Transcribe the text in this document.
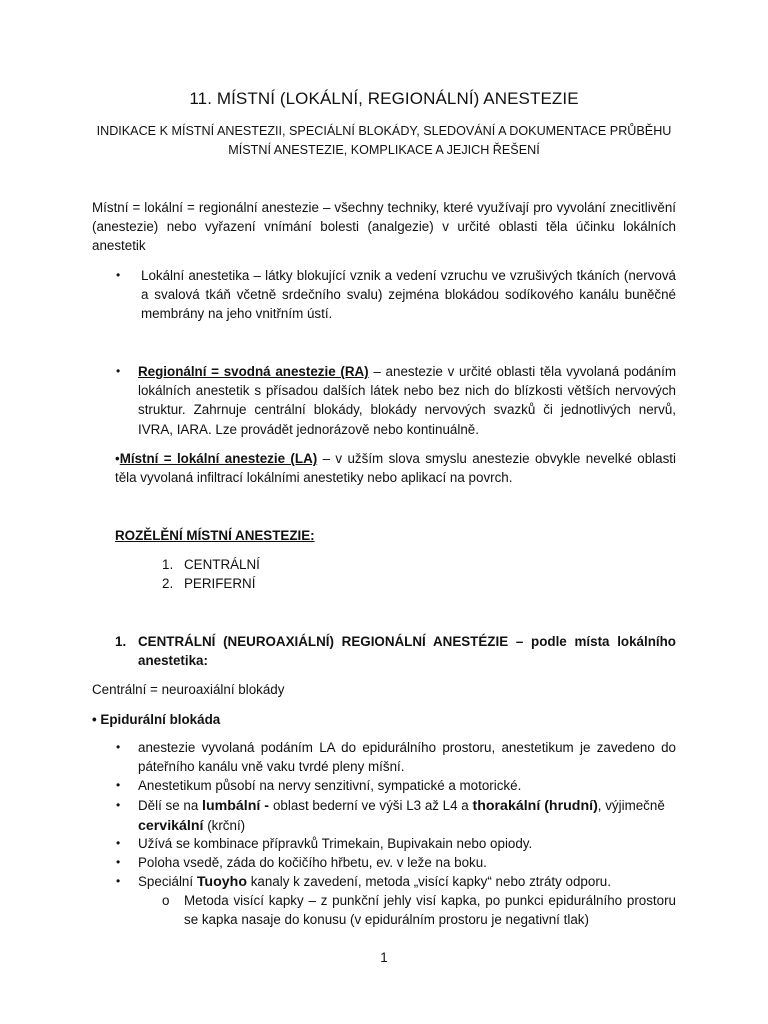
11. MÍSTNÍ (LOKÁLNÍ, REGIONÁLNÍ) ANESTEZIE
INDIKACE K MÍSTNÍ ANESTEZII, SPECIÁLNÍ BLOKÁDY, SLEDOVÁNÍ A DOKUMENTACE PRŮBĚHU MÍSTNÍ ANESTEZIE, KOMPLIKACE A JEJICH ŘEŠENÍ
Místní = lokální = regionální anestezie – všechny techniky, které využívají pro vyvolání znecitlivění (anestezie) nebo vyřazení vnímání bolesti (analgezie) v určité oblasti těla účinku lokálních anestetik
• Lokální anestetika – látky blokující vznik a vedení vzruchu ve vzrušivých tkáních (nervová a svalová tkáň včetně srdečního svalu) zejména blokádou sodíkového kanálu buněčné membrány na jeho vnitřním ústí.
• Regionální = svodná anestezie (RA) – anestezie v určité oblasti těla vyvolaná podáním lokálních anestetik s přísadou dalších látek nebo bez nich do blízkosti větších nervových struktur. Zahrnuje centrální blokády, blokády nervových svazků či jednotlivých nervů, IVRA, IARA. Lze provádět jednorázově nebo kontinuálně.
•Místní = lokální anestezie (LA) – v užším slova smyslu anestezie obvykle nevelké oblasti těla vyvolaná infiltrací lokálními anestetiky nebo aplikací na povrch.
ROZĚLĚNÍ MÍSTNÍ ANESTEZIE:
1. CENTRÁLNÍ
2. PERIFERNÍ
1. CENTRÁLNÍ (NEUROAXIÁLNÍ) REGIONÁLNÍ ANESTÉZIE – podle místa lokálního anestetika:
Centrální = neuroaxiální blokády
• Epidurální blokáda
• anestezie vyvolaná podáním LA do epidurálního prostoru, anestetikum je zavedeno do páteřního kanálu vně vaku tvrdé pleny míšní.
• Anestetikum působí na nervy senzitivní, sympatické a motorické.
• Dělí se na lumbální - oblast bederní ve výši L3 až L4 a thorakální (hrudní), výjimečně cervikální (krční)
• Užívá se kombinace přípravků Trimekain, Bupivakain nebo opiody.
• Poloha vsedě, záda do kočičího hřbetu, ev. v leže na boku.
• Speciální Tuoyho kanaly k zavedení, metoda „visící kapky“ nebo ztráty odporu.
o Metoda visící kapky – z punkční jehly visí kapka, po punkci epidurálního prostoru se kapka nasaje do konusu (v epidurálním prostoru je negativní tlak)
1
